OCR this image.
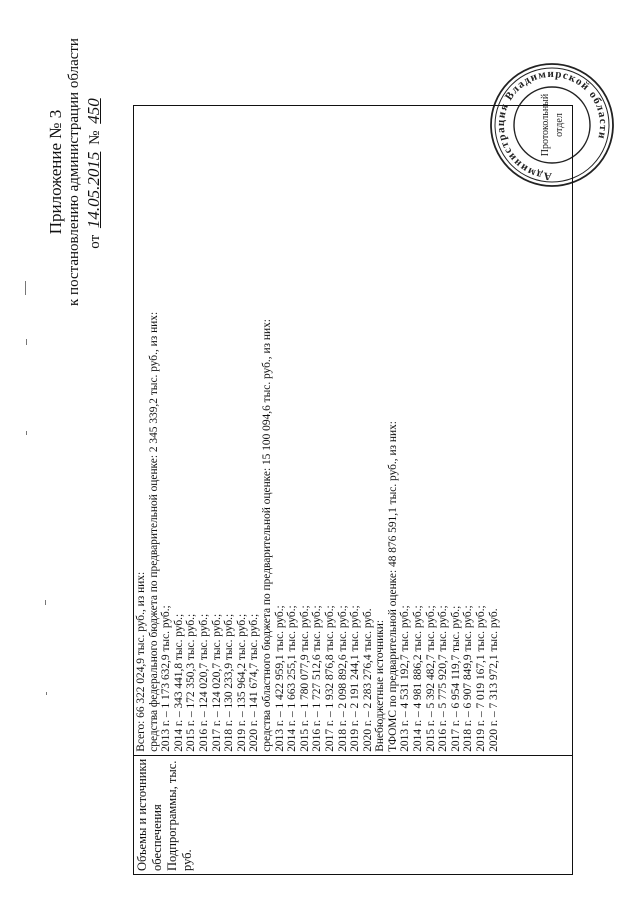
Приложение № 3 к постановлению администрации области от 14.05.2015 № 450
Администрация Владимирской области
Протокольный отдел
Объемы и источники обеспечения Подпрограммы, тыс. руб.

Всего: 66 322 024,9 тыс. руб., из них: средства федерального бюджета по предварительной оценке: 2 345 339,2 тыс. руб., из них: 2013 г. – 1 173 632,9 тыс. руб.; 2014 г. – 343 441,8 тыс. руб.; 2015 г. – 172 350,3 тыс. руб.; 2016 г. – 124 020,7 тыс. руб.; 2017 г. – 124 020,7 тыс. руб.; 2018 г. – 130 233,9 тыс. руб.; 2019 г. – 135 964,2 тыс. руб.; 2020 г. – 141 674,7 тыс. руб.; средства областного бюджета по предварительной оценке: 15 100 094,6 тыс. руб., из них: 2013 г. – 1 422 959,1 тыс. руб.; 2014 г. – 1 663 255,1 тыс. руб.; 2015 г. – 1 780 077,9 тыс. руб.; 2016 г. – 1 727 512,6 тыс. руб.; 2017 г. – 1 932 876,8 тыс. руб.; 2018 г. – 2 098 892,6 тыс. руб.; 2019 г. – 2 191 244,1 тыс. руб.; 2020 г. – 2 283 276,4 тыс. руб. Внебюджетные источники: ТФОМС по предварительной оценке: 48 876 591,1 тыс. руб., из них: 2013 г. – 4 531 192,7 тыс. руб.; 2014 г. – 4 981 886,2 тыс. руб.; 2015 г. – 5 392 482,7 тыс. руб.; 2016 г. – 5 775 920,7 тыс. руб.; 2017 г. – 6 954 119,7 тыс. руб.; 2018 г. – 6 907 849,9 тыс. руб.; 2019 г. – 7 019 167,1 тыс. руб.; 2020 г. – 7 313 972,1 тыс. руб.
